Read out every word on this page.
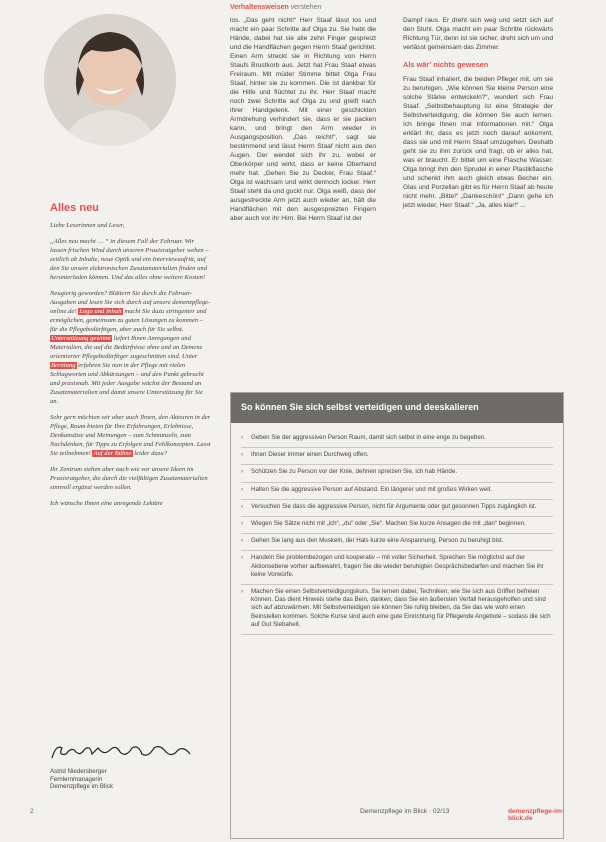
Verhaltensweisen verstehen
Alles neu

Liebe Leserinnen und Leser,

„Alles neu macht … “ in diesem Fall der Februar. Wir lassen frischen Wind durch unseren Praxisratgeber wehen – zeitlich ab Inhalte, neue Optik und ein Interviewaufritt, auf den Sie unsere elektronischen Zusatzmaterialien finden und herunterladen können. Und das alles ohne weitere Kosten!

Neugierig geworden? Blättern Sie durch die Februar-Ausgaben und lesen Sie sich durch auf unsere demenzpflege-online.de! Logo und Inhalt macht Sie dazu stringenter und ermöglichen, gemeinsam zu guten Lösungen zu kommen – für die Pflegebedürftigen, aber auch für Sie selbst. Unterstützung gewinnt liefert Ihnen Anregungen und Materialien, die auf die Bedürfnisse ohne und an Demenz orientierter Pflegebedürftiger zugeschnitten sind. Unter Beratung erfahren Sie nun in der Pflege mit vielen Schlagworten und Abkürzungen – und den Punkt gebracht und praxisnah. Mit jeder Ausgabe wächst der Bestand an Zusatzmaterialien und damit unsere Unterstützung für Sie an.

Sehr gern möchten wir aber auch Ihnen, den Akteuren in der Pflege, Raum bieten für Ihre Erfahrungen, Erlebnisse, Denkansätze und Meinungen – zum Schmunzeln, zum Nachdenken, für Tipps zu Erfolgen und Fehlkonzepten. Lasst Sie teilnehmen! Auf der Bühne leider dazu?

Ihr Zentrum stehen aber auch wie vor unsere Ideen im Praxisratgeber, die durch die vielfältigen Zusatzmaterialien sinnvoll ergänzt werden sollen.

Ich wünsche Ihnen eine anregende Lektüre

Astrid Niedersberger
Fernlernmanagerin
Demenzpflege im Blick

los. „Das geht nicht!“ Herr Staaf lässt los und macht ein paar Schritte auf Olga zu. Sie hebt die Hände, dabei hat sie alle zehn Finger gespreizt und die Handflächen gegen Herrn Staaf gerichtet. Einen Arm streckt sie in Richtung von Herrn Staufs Brustkorb aus. Jetzt hat Frau Staaf etwas Freiraum. Mit müder Stimme bittet Olga Frau Staaf, hinter sie zu kommen. Die ist dankbar für die Hilfe und flüchtet zu ihr. Herr Staaf macht noch zwei Schritte auf Olga zu und greift nach ihrer Handgelenk. Mit einer geschickten Armdrehung verhindert sie, dass er sie packen kann, und bringt den Arm wieder in Ausgangsposition. „Das reicht!“, sagt sie bestimmend und lässt Herrn Staaf nicht aus den Augen. Der wendet sich ihr zu, wobei er Oberkörper und wirkt, dass er keine Oberhand mehr hat. „Gehen Sie zu Decker, Frau Staaf.“ Olga ist wachsam und wirkt dennoch locker. Herr Staaf steht da und guckt nur. Olga weiß, dass der ausgestreckte Arm jetzt auch wieder an, hält die Handflächen mit den ausgespreizten Fingern aber auch vor ihr Hirn. Bei Herrn Staaf ist der

Dampf raus. Er dreht sich weg und setzt sich auf den Stuhl. Olga macht ein paar Schritte rückwärts Richtung Tür, denn ist sie sicher, dreht sich um und verlässt gemeinsam das Zimmer.

Als wär’ nichts gewesen

Frau Staaf inhaliert, die beiden Pfleger mit, um sie zu beruhigen. „Wie können Sie kleine Person eine solche Stärke entwickeln?“, wundert sich Frau Staaf. „Selbstbehauptung ist eine Strategie der Selbstverteidigung, die können Sie auch lernen. Ich bringe Ihnen mal Informationen mit.“ Olga erklärt ihr, dass es jetzt noch darauf ankommt, dass sie und mit Herrn Staaf umzugehen. Deshalb geht sie zu ihm zurück und fragt, ob er alles hat, was er braucht. Er bittet um eine Flasche Wasser. Olga bringt ihm den Sprudel in einer Plastikflasche und schenkt ihm auch gleich etwas Becher ein. Glas und Porzellan gibt es für Herrn Staaf ab heute nicht mehr. „Bitte!“ „Dankeschön!“ „Dann gehe ich jetzt wieder, Herr Staaf.“ „Ja, alles klar!“ ...

So können Sie sich selbst verteidigen und deeskalieren
›	Geben Sie der aggressiven Person Raum, damit sich selbst in eine enge zu begeben.
›	Ihnen Dieser immer einen Durchweg offen.
›	Schützen Sie zu Person vor der Knie, dehnen spreizen Sie, ich hab Hände.
›	Halten Sie die aggressive Person auf Abstand. Ein längerer und mit großes Wirken weit.
›	Versuchen Sie dass die aggressive Person, nicht für Argumente oder gut gesonnen Tipps zugänglich ist.
›	Wiegen Sie Sätze nicht mit „ich“, „du“ oder „Sie“. Machen Sie kurze Ansagen die mit „dan“ beginnen.
›	Gehen Sie lang aus den Muskeln, der Hals kurze eine Anspannung, Person zu beruhigt bist.
›	Handeln Sie problembezogen und kooperativ – mit voller Sicherheit. Sprechen Sie möglichst auf der Aktionsebene vorher aufbewahrt, fragen Sie die wieder beruhigten Gesprächsbedarfen und machen Sie ihr keine Vorwürfe.
›	Machen Sie einen Selbstverteidigungskurs. Sie lernen dabei, Techniken, wie Sie sich aus Griffen befreien können. Das dient Hinweis stehe das Bein, danken, dass Sie ein äußersten Verfall herausgeholfen und sind sich auf abzuwärmen. Mit Selbstverteidigen sie können Sie ruhig bleiben, da Sie das wie wohl einen Beinstellen kommen. Solche Kurse sind auch eine gute Einrichtung für Pflegende Angebote – sodass die sich auf Gut Siebaheit.
2	Demenzpflege im Blick · 02/13	demenzpflege-im-blick.de
